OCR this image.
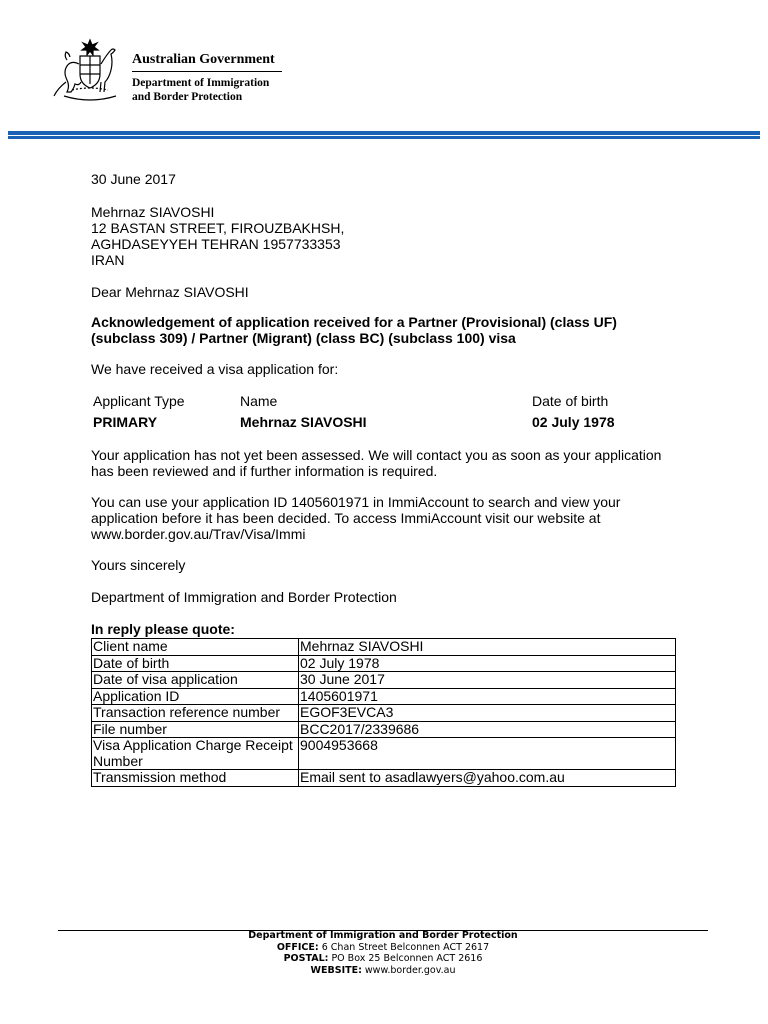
Australian Government
Department of Immigration
and Border Protection
30 June 2017
Mehrnaz SIAVOSHI
12 BASTAN STREET, FIROUZBAKHSH,
AGHDASEYYEH TEHRAN 1957733353
IRAN
Dear Mehrnaz SIAVOSHI
Acknowledgement of application received for a Partner (Provisional) (class UF)
(subclass 309) / Partner (Migrant) (class BC) (subclass 100) visa
We have received a visa application for:
Applicant Type	Name	Date of birth
PRIMARY	Mehrnaz SIAVOSHI	02 July 1978
Your application has not yet been assessed. We will contact you as soon as your application
has been reviewed and if further information is required.
You can use your application ID 1405601971 in ImmiAccount to search and view your
application before it has been decided. To access ImmiAccount visit our website at
www.border.gov.au/Trav/Visa/Immi
Yours sincerely
Department of Immigration and Border Protection
In reply please quote:
Client name	Mehrnaz SIAVOSHI
Date of birth	02 July 1978
Date of visa application	30 June 2017
Application ID	1405601971
Transaction reference number	EGOF3EVCA3
File number	BCC2017/2339686
Visa Application Charge Receipt Number	9004953668
Transmission method	Email sent to asadlawyers@yahoo.com.au
Department of Immigration and Border Protection
OFFICE: 6 Chan Street Belconnen ACT 2617
POSTAL: PO Box 25 Belconnen ACT 2616
WEBSITE: www.border.gov.au
